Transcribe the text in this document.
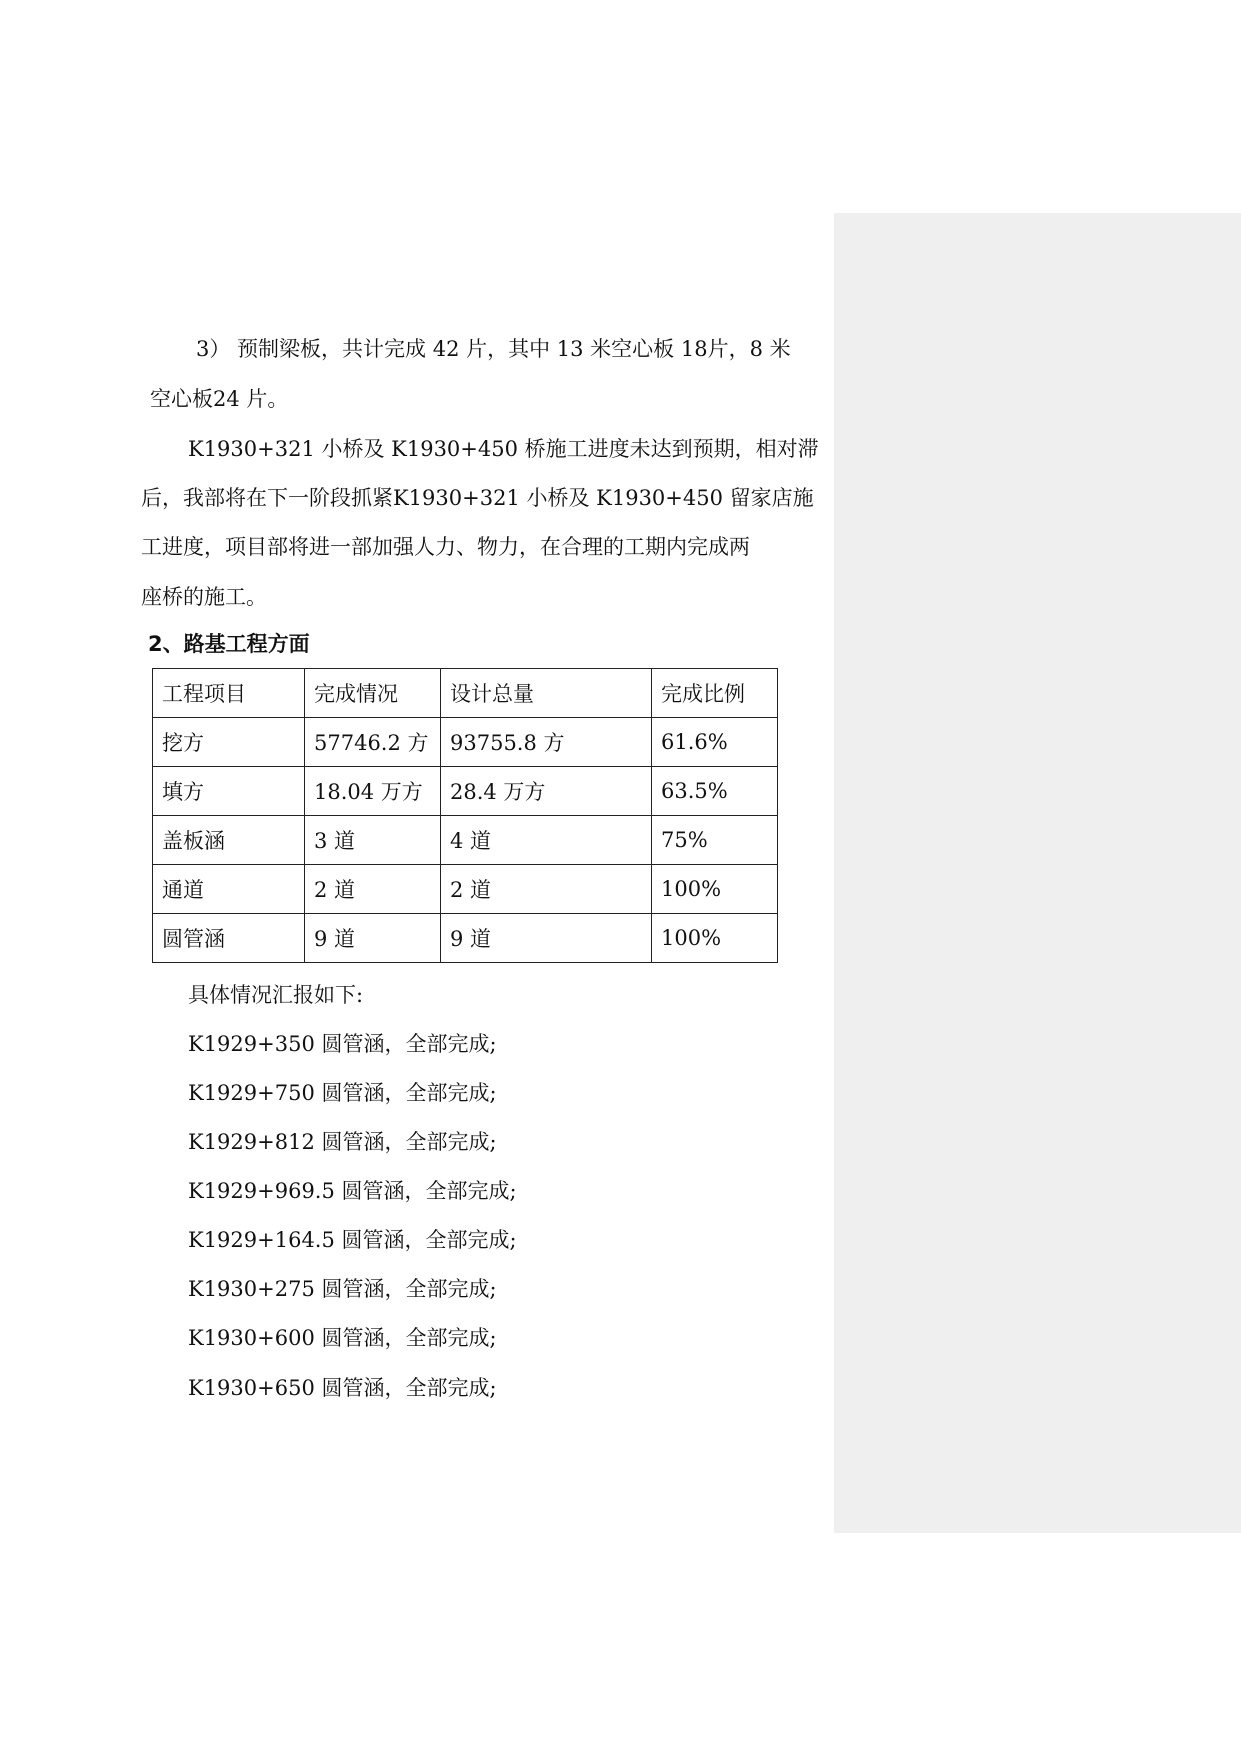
3） 预制梁板，共计完成 42 片，其中 13 米空心板 18片，8 米
空心板24 片。
K1930+321 小桥及 K1930+450 桥施工进度未达到预期，相对滞
后，我部将在下一阶段抓紧K1930+321 小桥及 K1930+450 留家店施
工进度，项目部将进一部加强人力、物力，在合理的工期内完成两
座桥的施工。
2、路基工程方面
工程项目	完成情况	设计总量	完成比例
挖方	57746.2 方	93755.8 方	61.6%
填方	18.04 万方	28.4 万方	63.5%
盖板涵	3 道	4 道	75%
通道	2 道	2 道	100%
圆管涵	9 道	9 道	100%
具体情况汇报如下:
K1929+350 圆管涵，全部完成;
K1929+750 圆管涵，全部完成;
K1929+812 圆管涵，全部完成;
K1929+969.5 圆管涵，全部完成;
K1929+164.5 圆管涵，全部完成;
K1930+275 圆管涵，全部完成;
K1930+600 圆管涵，全部完成;
K1930+650 圆管涵，全部完成;
